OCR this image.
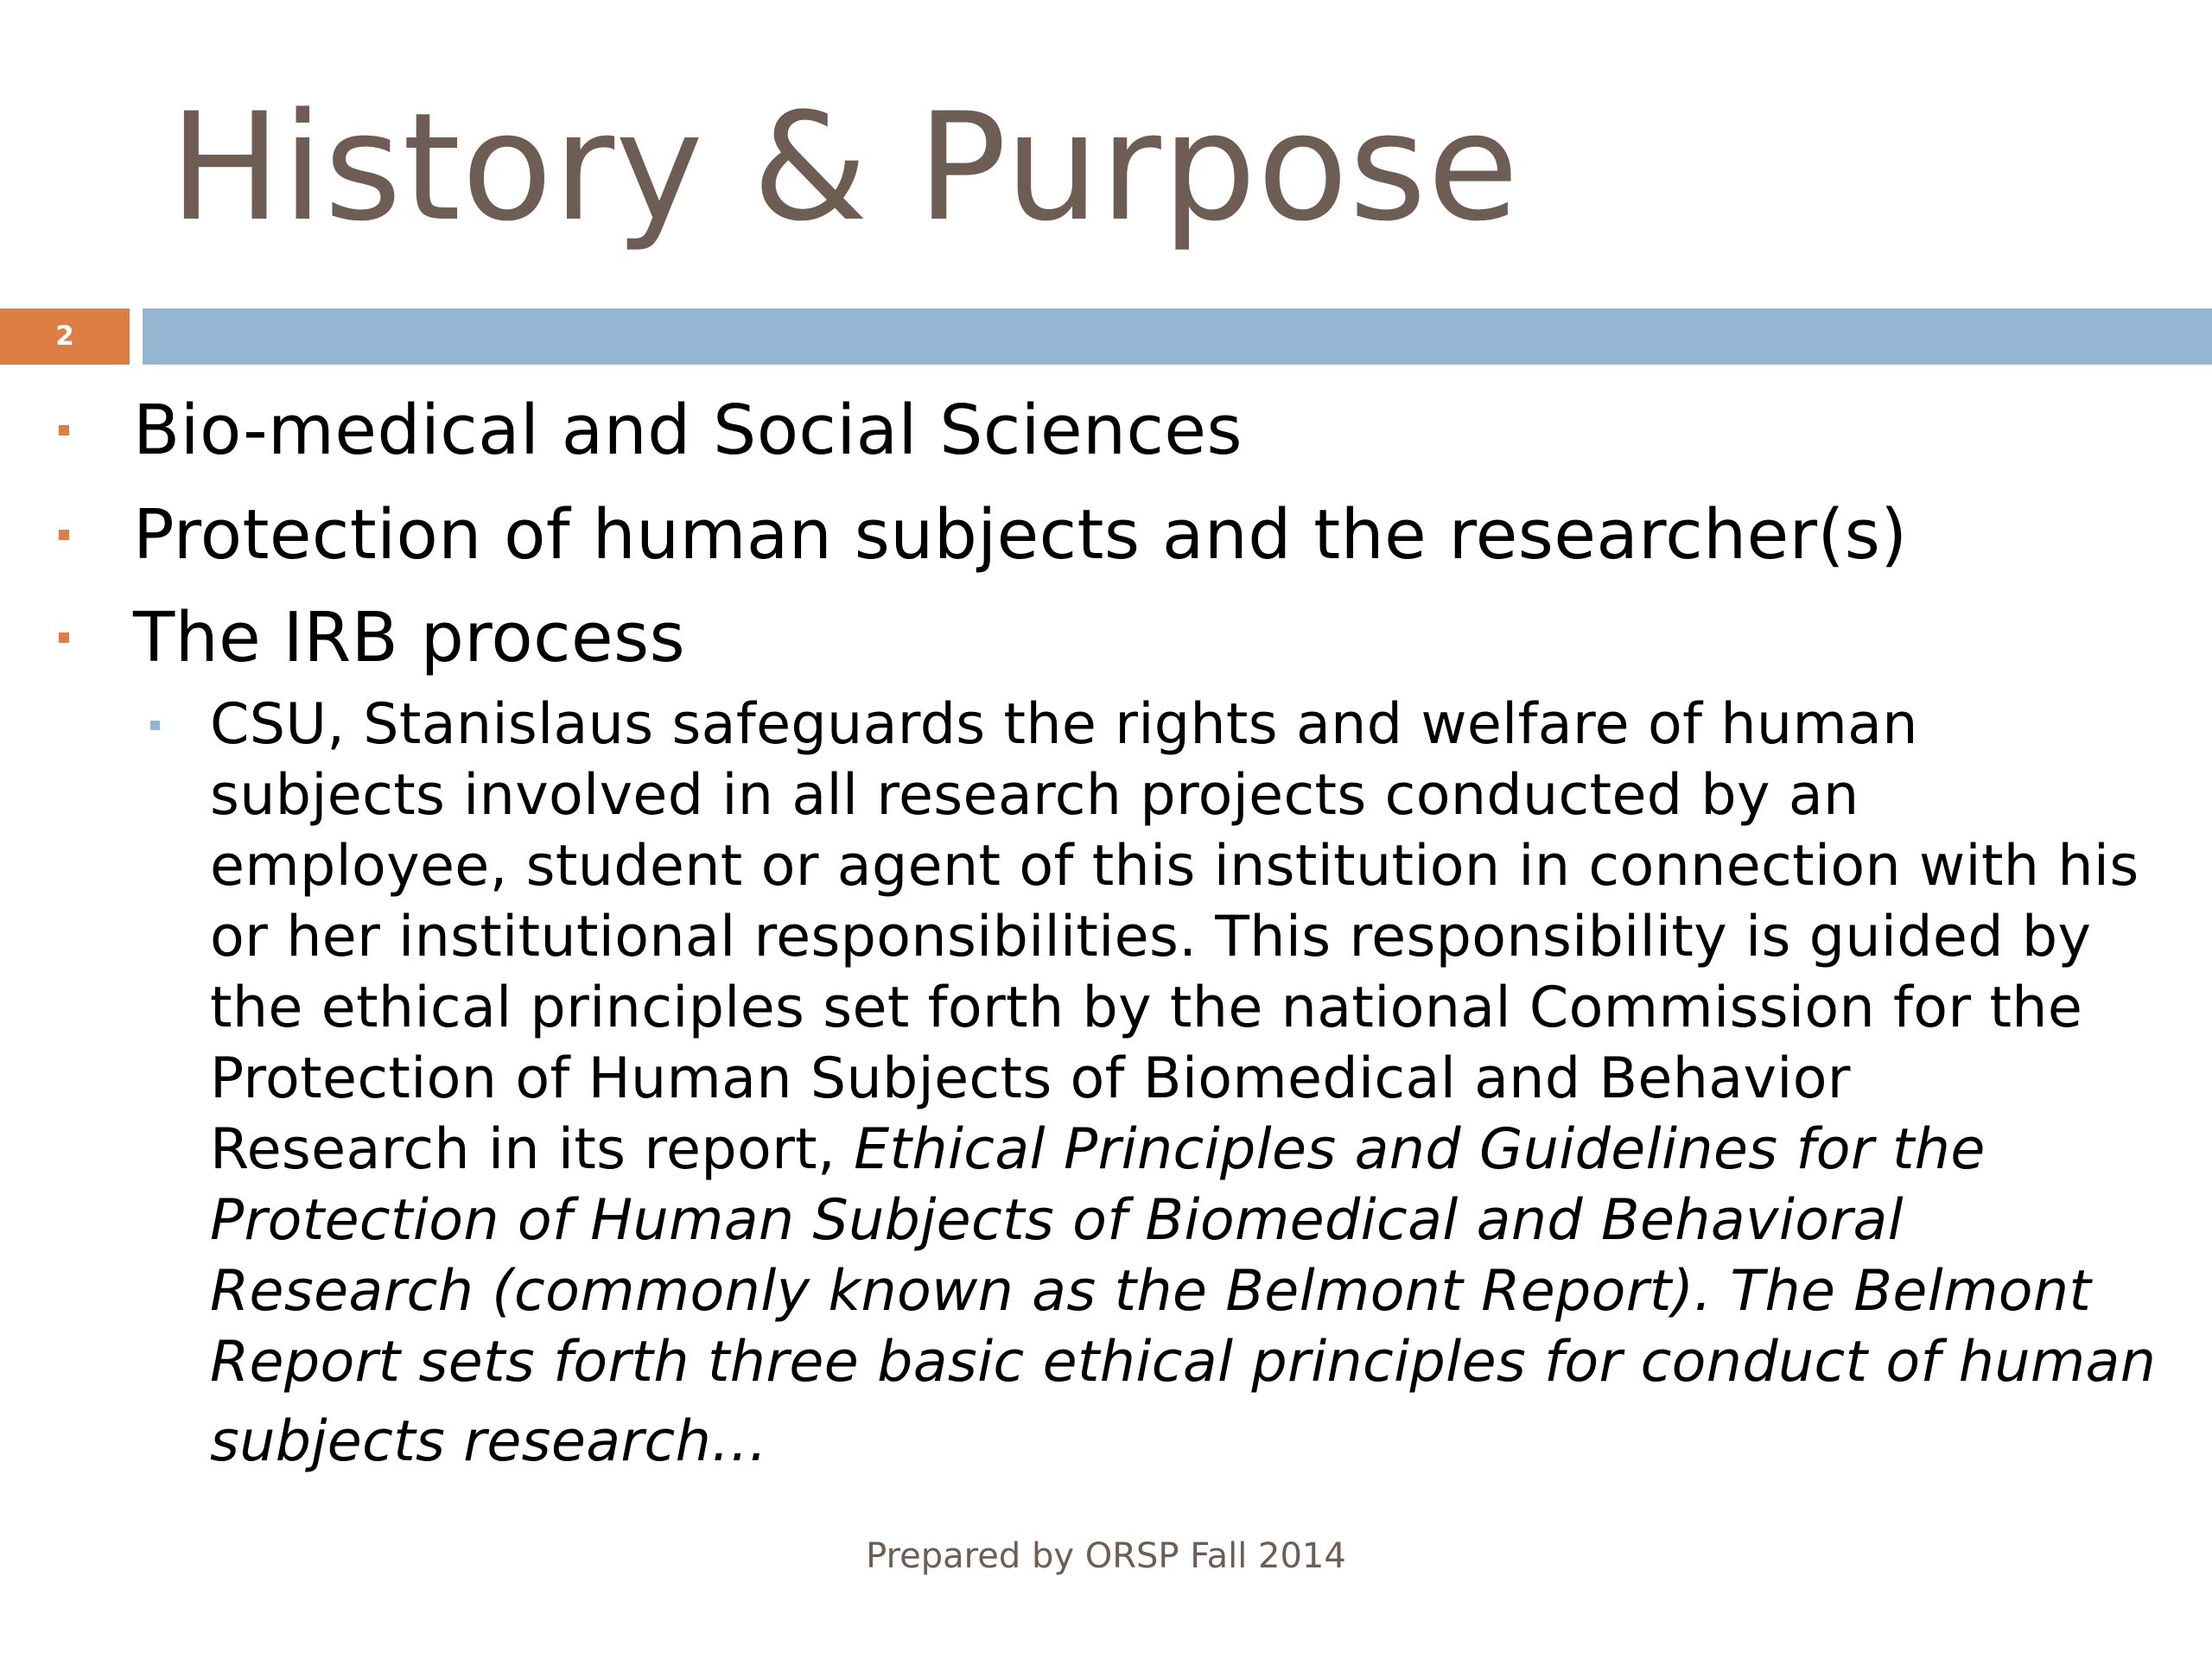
History & Purpose
2
Bio-medical and Social Sciences
Protection of human subjects and the researcher(s)
The IRB process
CSU, Stanislaus safeguards the rights and welfare of human
subjects involved in all research projects conducted by an
employee, student or agent of this institution in connection with his
or her institutional responsibilities. This responsibility is guided by
the ethical principles set forth by the national Commission for the
Protection of Human Subjects of Biomedical and Behavior
Research in its report, Ethical Principles and Guidelines for the
Protection of Human Subjects of Biomedical and Behavioral
Research (commonly known as the Belmont Report). The Belmont
Report sets forth three basic ethical principles for conduct of human
subjects research…
Prepared by ORSP Fall 2014
